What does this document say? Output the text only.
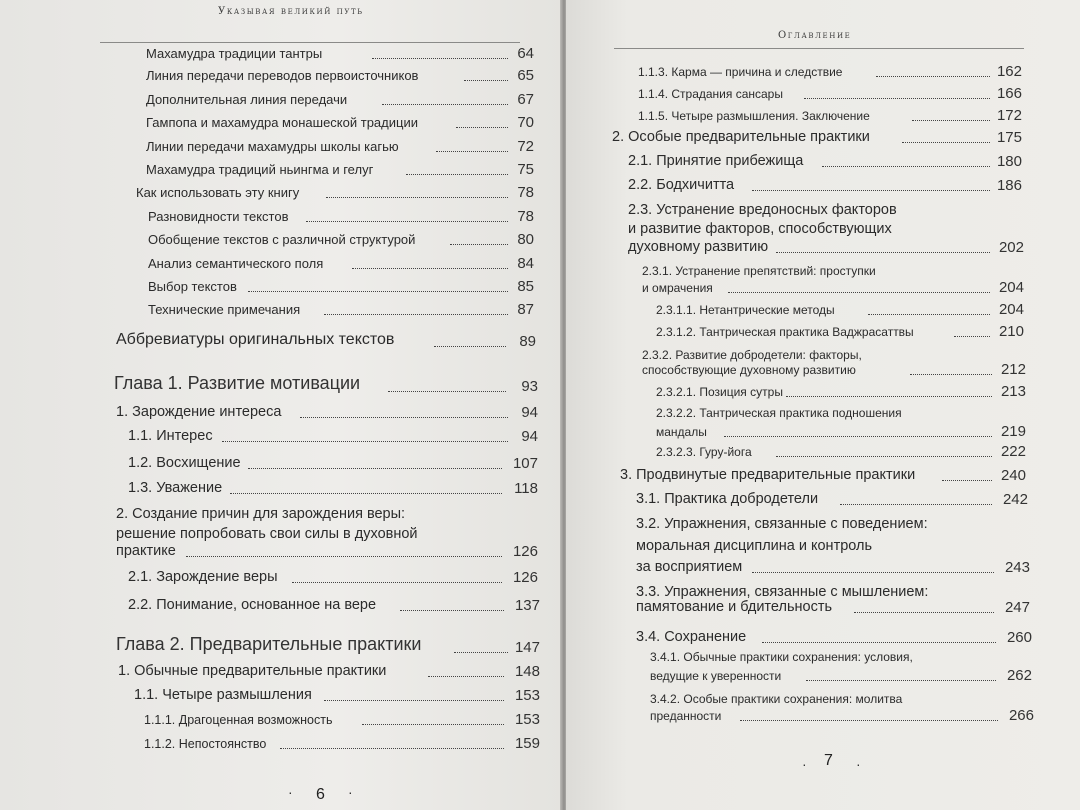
Указывая великий путь
Махамудра традиции тантры	64
Линия передачи переводов первоисточников	65
Дополнительная линия передачи	67
Гампопа и махамудра монашеской традиции	70
Линии передачи махамудры школы кагью	72
Махамудра традиций ньингма и гелуг	75
Как использовать эту книгу	78
Разновидности текстов	78
Обобщение текстов с различной структурой	80
Анализ семантического поля	84
Выбор текстов	85
Технические примечания	87
Аббревиатуры оригинальных текстов	89
Глава 1. Развитие мотивации	93
1. Зарождение интереса	94
1.1. Интерес	94
1.2. Восхищение	107
1.3. Уважение	118
2. Создание причин для зарождения веры:
решение попробовать свои силы в духовной
практике	126
2.1. Зарождение веры	126
2.2. Понимание, основанное на вере	137
Глава 2. Предварительные практики	147
1. Обычные предварительные практики	148
1.1. Четыре размышления	153
1.1.1. Драгоценная возможность	153
1.1.2. Непостоянство	159
· 6 ·
Оглавление
1.1.3. Карма — причина и следствие	162
1.1.4. Страдания сансары	166
1.1.5. Четыре размышления. Заключение	172
2. Особые предварительные практики	175
2.1. Принятие прибежища	180
2.2. Бодхичитта	186
2.3. Устранение вредоносных факторов
и развитие факторов, способствующих
духовному развитию	202
2.3.1. Устранение препятствий: проступки
и омрачения	204
2.3.1.1. Нетантрические методы	204
2.3.1.2. Тантрическая практика Ваджрасаттвы	210
2.3.2. Развитие добродетели: факторы,
способствующие духовному развитию	212
2.3.2.1. Позиция сутры	213
2.3.2.2. Тантрическая практика подношения
мандалы	219
2.3.2.3. Гуру-йога	222
3. Продвинутые предварительные практики	240
3.1. Практика добродетели	242
3.2. Упражнения, связанные с поведением:
моральная дисциплина и контроль
за восприятием	243
3.3. Упражнения, связанные с мышлением:
памятование и бдительность	247
3.4. Сохранение	260
3.4.1. Обычные практики сохранения: условия,
ведущие к уверенности	262
3.4.2. Особые практики сохранения: молитва
преданности	266
· 7 ·
